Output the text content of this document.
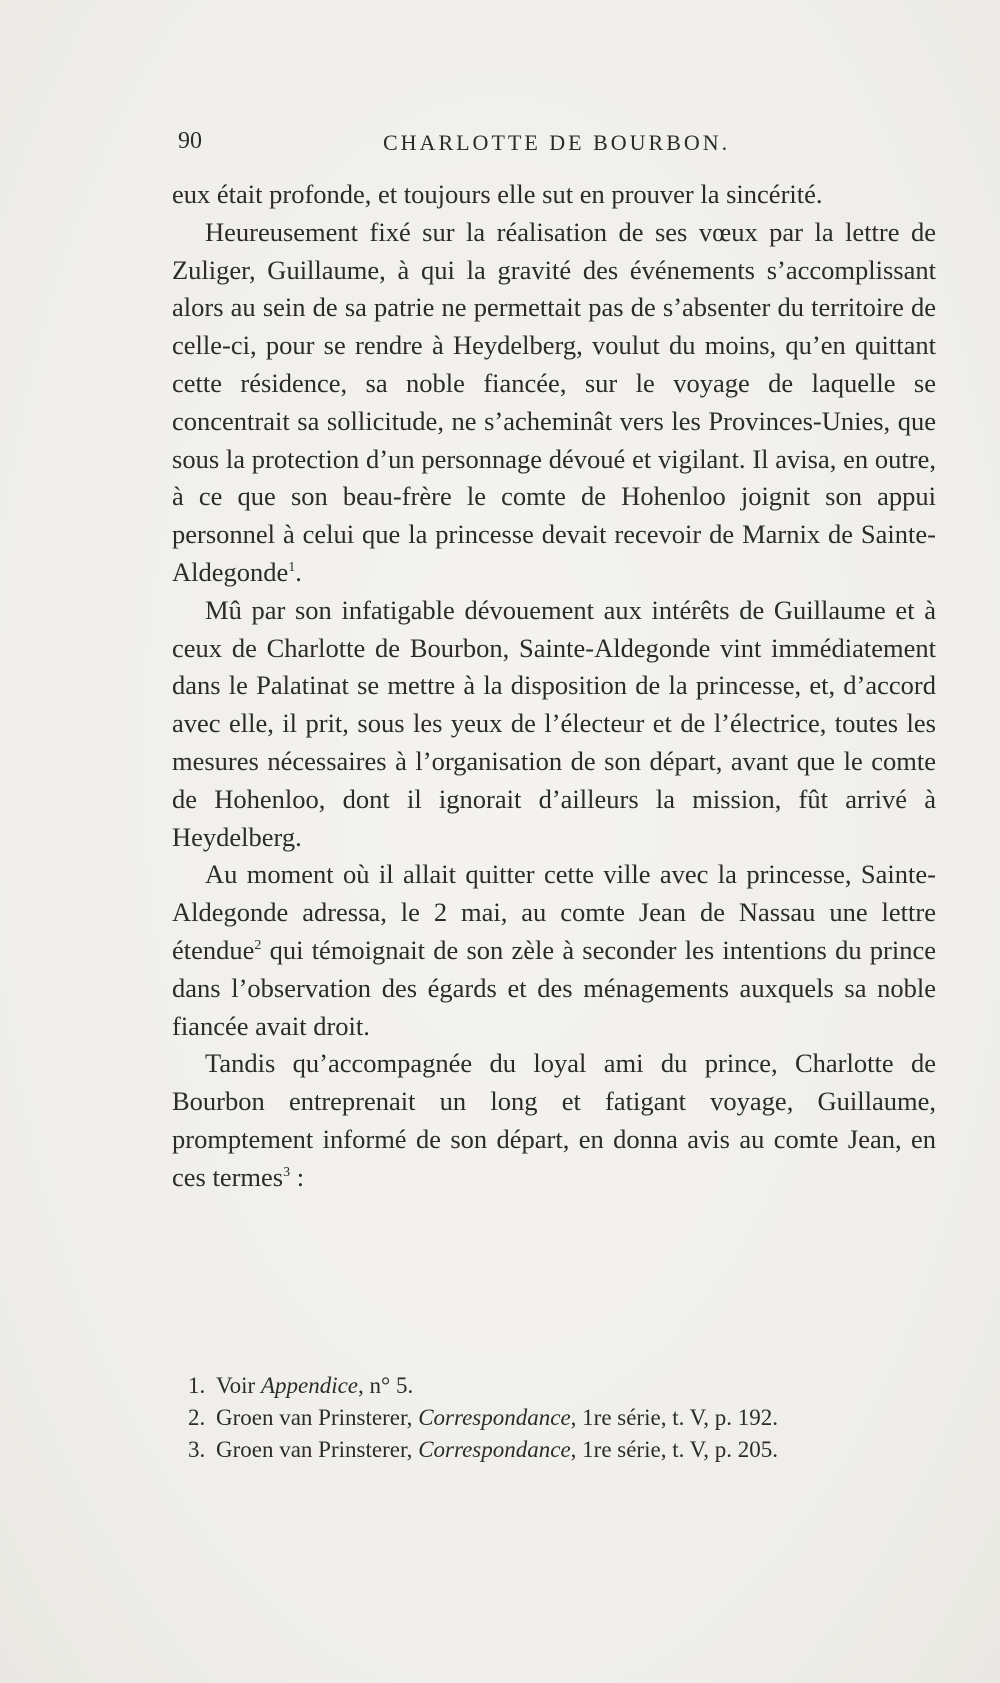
90	CHARLOTTE DE BOURBON.

eux était profonde, et toujours elle sut en prouver la sincérité.

Heureusement fixé sur la réalisation de ses vœux par la lettre de Zuliger, Guillaume, à qui la gravité des événements s’accomplissant alors au sein de sa patrie ne permettait pas de s’absenter du territoire de celle-ci, pour se rendre à Heydelberg, voulut du moins, qu’en quittant cette résidence, sa noble fiancée, sur le voyage de laquelle se concentrait sa sollicitude, ne s’acheminât vers les Provinces-Unies, que sous la protection d’un personnage dévoué et vigilant. Il avisa, en outre, à ce que son beau-frère le comte de Hohenloo joignit son appui personnel à celui que la princesse devait recevoir de Marnix de Sainte-Aldegonde$^1$.

Mû par son infatigable dévouement aux intérêts de Guillaume et à ceux de Charlotte de Bourbon, Sainte-Aldegonde vint immédiatement dans le Palatinat se mettre à la disposition de la princesse, et, d’accord avec elle, il prit, sous les yeux de l’électeur et de l’électrice, toutes les mesures nécessaires à l’organisation de son départ, avant que le comte de Hohenloo, dont il ignorait d’ailleurs la mission, fût arrivé à Heydelberg.

Au moment où il allait quitter cette ville avec la princesse, Sainte-Aldegonde adressa, le 2 mai, au comte Jean de Nassau une lettre étendue$^2$ qui témoignait de son zèle à seconder les intentions du prince dans l’observation des égards et des ménagements auxquels sa noble fiancée avait droit.

Tandis qu’accompagnée du loyal ami du prince, Charlotte de Bourbon entreprenait un long et fatigant voyage, Guillaume, promptement informé de son départ, en donna avis au comte Jean, en ces termes$^3$ :

1. Voir Appendice, n° 5.

2. Groen van Prinsterer, Correspondance, 1re série, t. V, p. 192.

3. Groen van Prinsterer, Correspondance, 1re série, t. V, p. 205.
